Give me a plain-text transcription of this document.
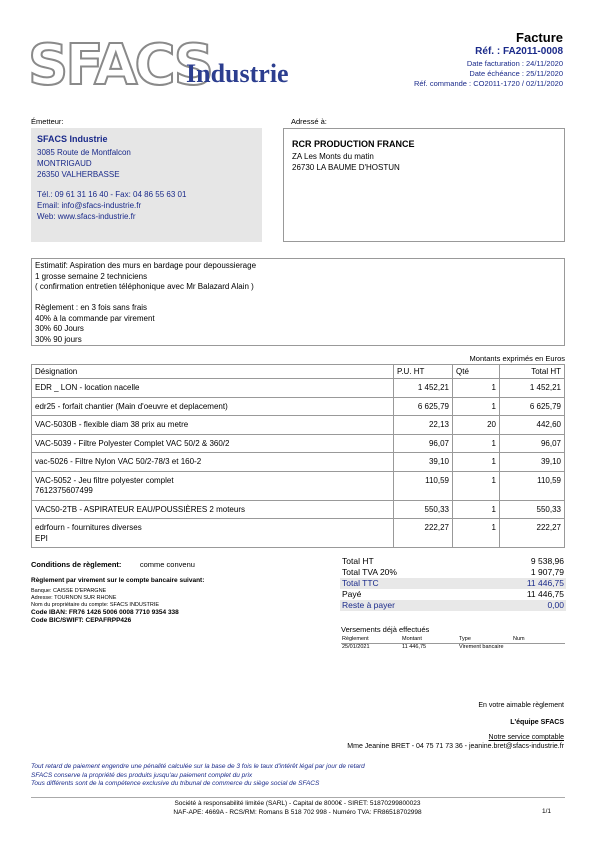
SFACS
Industrie
Facture
Réf. : FA2011-0008
Date facturation : 24/11/2020
Date échéance : 25/11/2020
Réf. commande : CO2011-1720 / 02/11/2020
Émetteur:
SFACS Industrie
3085 Route de Montfalcon
MONTRIGAUD
26350 VALHERBASSE
Tél.: 09 61 31 16 40 - Fax: 04 86 55 63 01
Email: info@sfacs-industrie.fr
Web: www.sfacs-industrie.fr
Adressé à:
RCR PRODUCTION FRANCE
ZA Les Monts du matin
26730 LA BAUME D'HOSTUN
Estimatif: Aspiration des murs en bardage pour depoussierage
1 grosse semaine 2 techniciens
( confirmation entretien téléphonique avec Mr Balazard Alain )
Règlement : en 3 fois sans frais
40% à la commande par virement
30% 60 Jours
30% 90 jours
Montants exprimés en Euros
Désignation	P.U. HT	Qté	Total HT

EDR _ LON - location nacelle	1 452,21	1	1 452,21

edr25 - forfait chantier (Main d'oeuvre et deplacement)	6 625,79	1	6 625,79

VAC-5030B - flexible diam 38 prix au metre	22,13	20	442,60

VAC-5039 - Filtre Polyester Complet VAC 50/2 & 360/2	96,07	1	96,07

vac-5026 - Filtre Nylon VAC 50/2-78/3 et 160-2	39,10	1	39,10

VAC-5052 - Jeu filtre polyester complet
7612375607499	110,59	1	110,59

VAC50-2TB - ASPIRATEUR EAU/POUSSIÈRES 2 moteurs	550,33	1	550,33

edrfourn - fournitures diverses
EPI	222,27	1	222,27
Conditions de règlement: comme convenu
Règlement par virement sur le compte bancaire suivant:
Banque: CAISSE D'EPARGNE
Adresse: TOURNON SUR RHONE
Nom du propriétaire du compte: SFACS INDUSTRIE
Code IBAN: FR76 1426 5006 0008 7710 9354 338
Code BIC/SWIFT: CEPAFRPP426
Total HT	9 538,96
Total TVA 20%	1 907,79
Total TTC	11 446,75
Payé	11 446,75
Reste à payer	0,00
Versements déjà effectués
Règlement	Montant	Type	Num
25/01/2021	11 446,75	Virement bancaire	
En votre aimable règlement
L'équipe SFACS
Notre service comptable
Mme Jeanine BRET - 04 75 71 73 36 - jeanine.bret@sfacs-industrie.fr
Tout retard de paiement engendre une pénalité calculée sur la base de 3 fois le taux d'intérêt légal par jour de retard
SFACS conserve la propriété des produits jusqu'au paiement complet du prix
Tous différents sont de la compétence exclusive du tribunal de commerce du siège social de SFACS
Société à responsabilité limitée (SARL) - Capital de 8000€ - SIRET: 51870299800023
NAF-APE: 4669A - RCS/RM: Romans B 518 702 998 - Numéro TVA: FR86518702998	1/1
